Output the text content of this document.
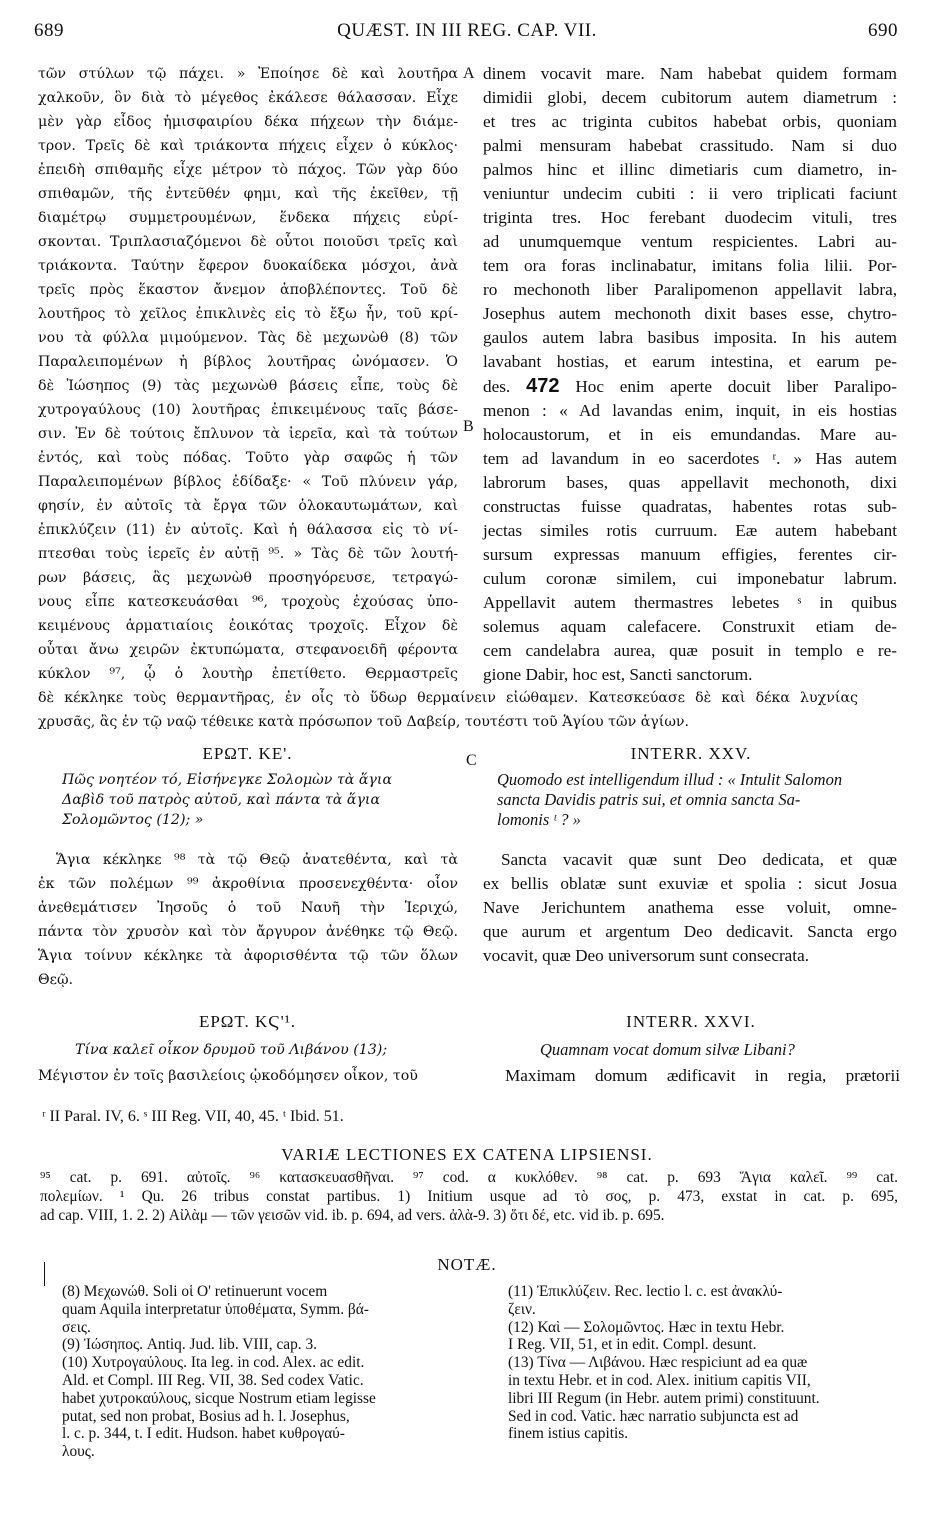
689	QUÆST. IN III REG. CAP. VII.	690

τῶν στύλων τῷ πάχει. » Ἐποίησε δὲ καὶ λουτῆρα

χαλκοῦν, ὃν διὰ τὸ μέγεθος ἐκάλεσε θάλασσαν. Εἶχε

μὲν γὰρ εἶδος ἡμισφαιρίου δέκα πήχεων τὴν διάμε-

τρον. Τρεῖς δὲ καὶ τριάκοντα πήχεις εἶχεν ὁ κύκλος·

ἐπειδὴ σπιθαμῆς εἶχε μέτρον τὸ πάχος. Τῶν γὰρ δύο

σπιθαμῶν, τῆς ἐντεῦθέν φημι, καὶ τῆς ἐκεῖθεν, τῇ

διαμέτρῳ συμμετρουμένων, ἕνδεκα πήχεις εὑρί-

σκονται. Τριπλασιαζόμενοι δὲ οὗτοι ποιοῦσι τρεῖς καὶ

τριάκοντα. Ταύτην ἔφερον δυοκαίδεκα μόσχοι, ἀνὰ

τρεῖς πρὸς ἕκαστον ἄνεμον ἀποβλέποντες. Τοῦ δὲ

λουτῆρος τὸ χεῖλος ἐπικλινὲς εἰς τὸ ἔξω ἦν, τοῦ κρί-

νου τὰ φύλλα μιμούμενον. Τὰς δὲ μεχωνὼθ (8) τῶν

Παραλειπομένων ἡ βίβλος λουτῆρας ὠνόμασεν. Ὁ

δὲ Ἰώσηπος (9) τὰς μεχωνὼθ βάσεις εἶπε, τοὺς δὲ

χυτρογαύλους (10) λουτῆρας ἐπικειμένους ταῖς βάσε-

σιν. Ἐν δὲ τούτοις ἔπλυνον τὰ ἱερεῖα, καὶ τὰ τούτων

ἐντός, καὶ τοὺς πόδας. Τοῦτο γὰρ σαφῶς ἡ τῶν

Παραλειπομένων βίβλος ἐδίδαξε· « Τοῦ πλύνειν γάρ,

φησίν, ἐν αὐτοῖς τὰ ἔργα τῶν ὁλοκαυτωμάτων, καὶ

ἐπικλύζειν (11) ἐν αὐτοῖς. Καὶ ἡ θάλασσα εἰς τὸ νί-

πτεσθαι τοὺς ἱερεῖς ἐν αὐτῇ ⁹⁵. » Τὰς δὲ τῶν λουτή-

ρων βάσεις, ἃς μεχωνὼθ προσηγόρευσε, τετραγώ-

νους εἶπε κατεσκευάσθαι ⁹⁶, τροχοὺς ἐχούσας ὑπο-

κειμένους ἁρματιαίοις ἐοικότας τροχοῖς. Εἶχον δὲ

οὗται ἄνω χειρῶν ἐκτυπώματα, στεφανοειδῆ φέροντα

κύκλον ⁹⁷, ᾧ ὁ λουτὴρ ἐπετίθετο. Θερμαστρεῖς

dinem vocavit mare. Nam habebat quidem formam

dimidii globi, decem cubitorum autem diametrum :

et tres ac triginta cubitos habebat orbis, quoniam

palmi mensuram habebat crassitudo. Nam si duo

palmos hinc et illinc dimetiaris cum diametro, in-

veniuntur undecim cubiti : ii vero triplicati faciunt

triginta tres. Hoc ferebant duodecim vituli, tres

ad unumquemque ventum respicientes. Labri au-

tem ora foras inclinabatur, imitans folia lilii. Por-

ro mechonoth liber Paralipomenon appellavit labra,

Josephus autem mechonoth dixit bases esse, chytro-

gaulos autem labra basibus imposita. In his autem

lavabant hostias, et earum intestina, et earum pe-

des. 472 Hoc enim aperte docuit liber Paralipo-

menon : « Ad lavandas enim, inquit, in eis hostias

holocaustorum, et in eis emundandas. Mare au-

tem ad lavandum in eo sacerdotes ʳ. » Has autem

labrorum bases, quas appellavit mechonoth, dixi

constructas fuisse quadratas, habentes rotas sub-

jectas similes rotis curruum. Eæ autem habebant

sursum expressas manuum effigies, ferentes cir-

culum coronæ similem, cui imponebatur labrum.

Appellavit autem thermastres lebetes ˢ in quibus

solemus aquam calefacere. Construxit etiam de-

cem candelabra aurea, quæ posuit in templo e re-

gione Dabir, hoc est, Sancti sanctorum.

A
B
C

δὲ κέκληκε τοὺς θερμαντῆρας, ἐν οἷς τὸ ὕδωρ θερμαίνειν εἰώθαμεν. Κατεσκεύασε δὲ καὶ δέκα λυχνίας

χρυσᾶς, ἃς ἐν τῷ ναῷ τέθεικε κατὰ πρόσωπον τοῦ Δαβείρ, τουτέστι τοῦ Ἁγίου τῶν ἁγίων.

ΕΡΩΤ. ΚΕ'.	INTERR. XXV.

Πῶς νοητέον τό, Εἰσήνεγκε Σολομὼν τὰ ἅγια

Δαβὶδ τοῦ πατρὸς αὐτοῦ, καὶ πάντα τὰ ἅγια

Σολομῶντος (12); »

Quomodo est intelligendum illud : « Intulit Salomon

sancta Davidis patris sui, et omnia sancta Sa-

lomonis ᵗ ? »

Ἅγια κέκληκε ⁹⁸ τὰ τῷ Θεῷ ἀνατεθέντα, καὶ τὰ

ἐκ τῶν πολέμων ⁹⁹ ἀκροθίνια προσενεχθέντα· οἷον

ἀνεθεμάτισεν Ἰησοῦς ὁ τοῦ Ναυῆ τὴν Ἱεριχώ,

πάντα τὸν χρυσὸν καὶ τὸν ἄργυρον ἀνέθηκε τῷ Θεῷ.

Ἅγια τοίνυν κέκληκε τὰ ἀφορισθέντα τῷ τῶν ὅλων

Θεῷ.

Sancta vacavit quæ sunt Deo dedicata, et quæ

ex bellis oblatæ sunt exuviæ et spolia : sicut Josua

Nave Jerichuntem anathema esse voluit, omne-

que aurum et argentum Deo dedicavit. Sancta ergo

vocavit, quæ Deo universorum sunt consecrata.

ΕΡΩΤ. ΚϚ'¹.	INTERR. XXVI.
Τίνα καλεῖ οἶκον δρυμοῦ τοῦ Λιβάνου (13);	Quamnam vocat domum silvæ Libani?

Μέγιστον ἐν τοῖς βασιλείοις ᾠκοδόμησεν οἶκον, τοῦ	Maximam domum ædificavit in regia, prætorii

ʳ II Paral. IV, 6. ˢ III Reg. VII, 40, 45. ᵗ Ibid. 51.
VARIÆ LECTIONES EX CATENA LIPSIENSI.

⁹⁵ cat. p. 691. αὐτοῖς. ⁹⁶ κατασκευασθῆναι. ⁹⁷ cod. α κυκλόθεν. ⁹⁸ cat. p. 693 Ἅγια καλεῖ. ⁹⁹ cat.

πολεμίων. ¹ Qu. 26 tribus constat partibus. 1) Initium usque ad τὸ σος, p. 473, exstat in cat. p. 695,

ad cap. VIII, 1. 2. 2) Αἰλὰμ — τῶν γεισῶν vid. ib. p. 694, ad vers. ἀλὰ-9. 3) ὅτι δέ, etc. vid ib. p. 695.

NOTÆ.

(8) Μεχωνώθ. Soli οἱ O' retinuerunt vocem

quam Aquila interpretatur ὑποθέματα, Symm. βά-

σεις.

(9) Ἰώσηπος. Antiq. Jud. lib. VIII, cap. 3.

(10) Χυτρογαύλους. Ita leg. in cod. Alex. ac edit.

Ald. et Compl. III Reg. VII, 38. Sed codex Vatic.

habet χυτροκαύλους, sicque Nostrum etiam legisse

putat, sed non probat, Bosius ad h. l. Josephus,

l. c. p. 344, t. I edit. Hudson. habet κυθρογαύ-

λους.

(11) Ἐπικλύζειν. Rec. lectio l. c. est ἀνακλύ-

ζειν.

(12) Καὶ — Σολομῶντος. Hæc in textu Hebr.

I Reg. VII, 51, et in edit. Compl. desunt.

(13) Τίνα — Λιβάνου. Hæc respiciunt ad ea quæ

in textu Hebr. et in cod. Alex. initium capitis VII,

libri III Regum (in Hebr. autem primi) constituunt.

Sed in cod. Vatic. hæc narratio subjuncta est ad

finem istius capitis.
